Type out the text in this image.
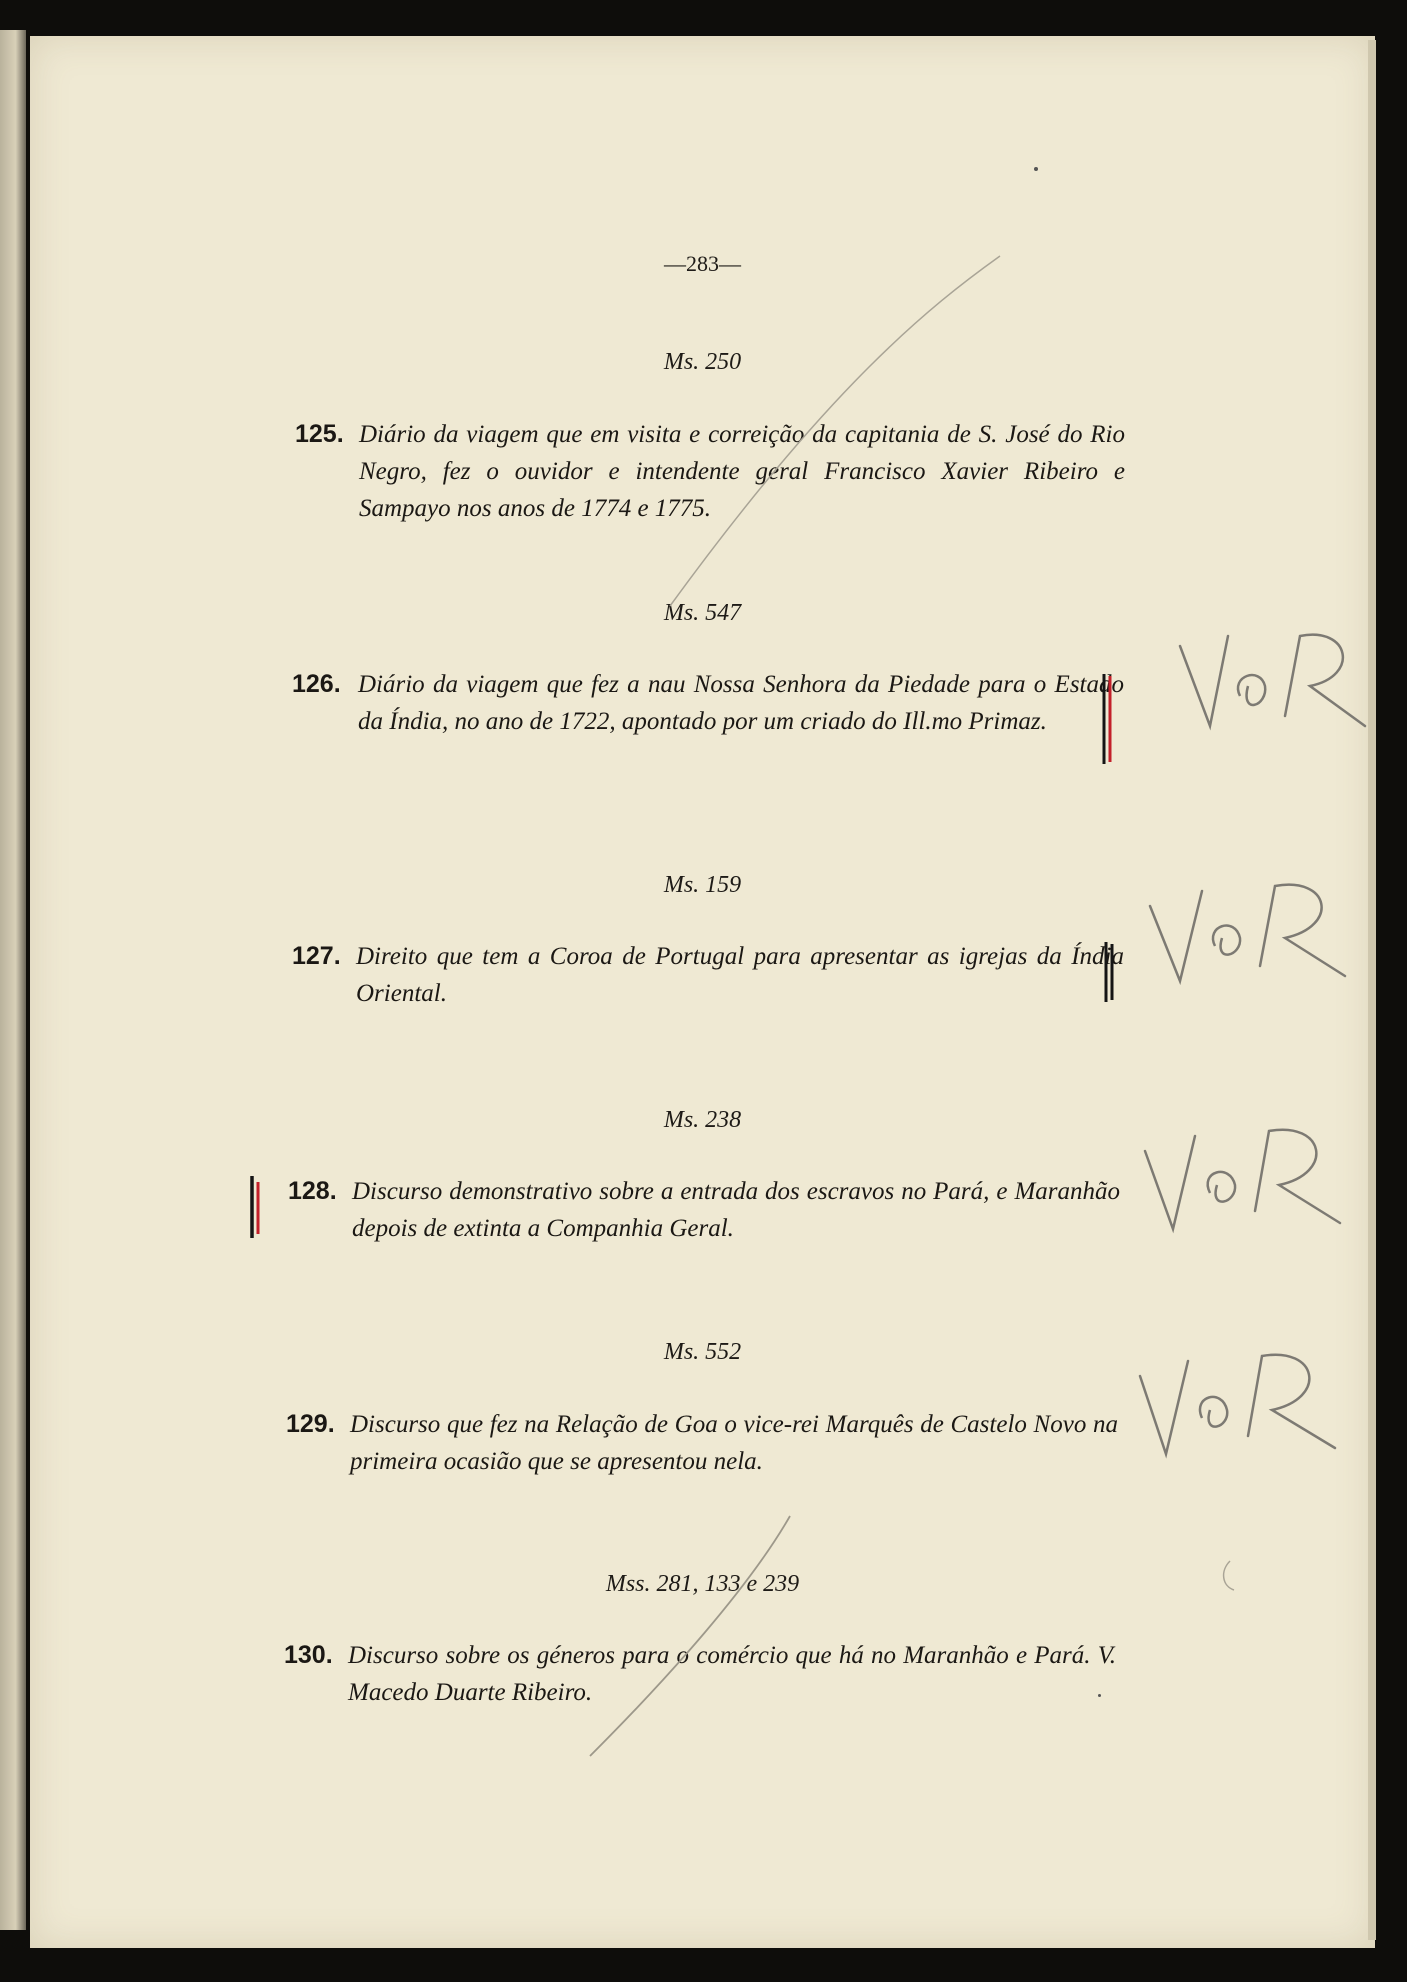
—283—
Ms. 250
125. Diário da viagem que em visita e correição da capitania de S. José do Rio Negro, fez o ouvidor e intendente geral Francisco Xavier Ribeiro e Sampayo nos anos de 1774 e 1775.
Ms. 547
126. Diário da viagem que fez a nau Nossa Senhora da Piedade para o Estado da Índia, no ano de 1722, apontado por um criado do Ill.mo Primaz.
Ms. 159
127. Direito que tem a Coroa de Portugal para apresentar as igrejas da Índia Oriental.
Ms. 238
128. Discurso demonstrativo sobre a entrada dos escravos no Pará, e Maranhão depois de extinta a Companhia Geral.
Ms. 552
129. Discurso que fez na Relação de Goa o vice-rei Marquês de Castelo Novo na primeira ocasião que se apresentou nela.
Mss. 281, 133 e 239
130. Discurso sobre os géneros para o comércio que há no Maranhão e Pará. V. Macedo Duarte Ribeiro.
